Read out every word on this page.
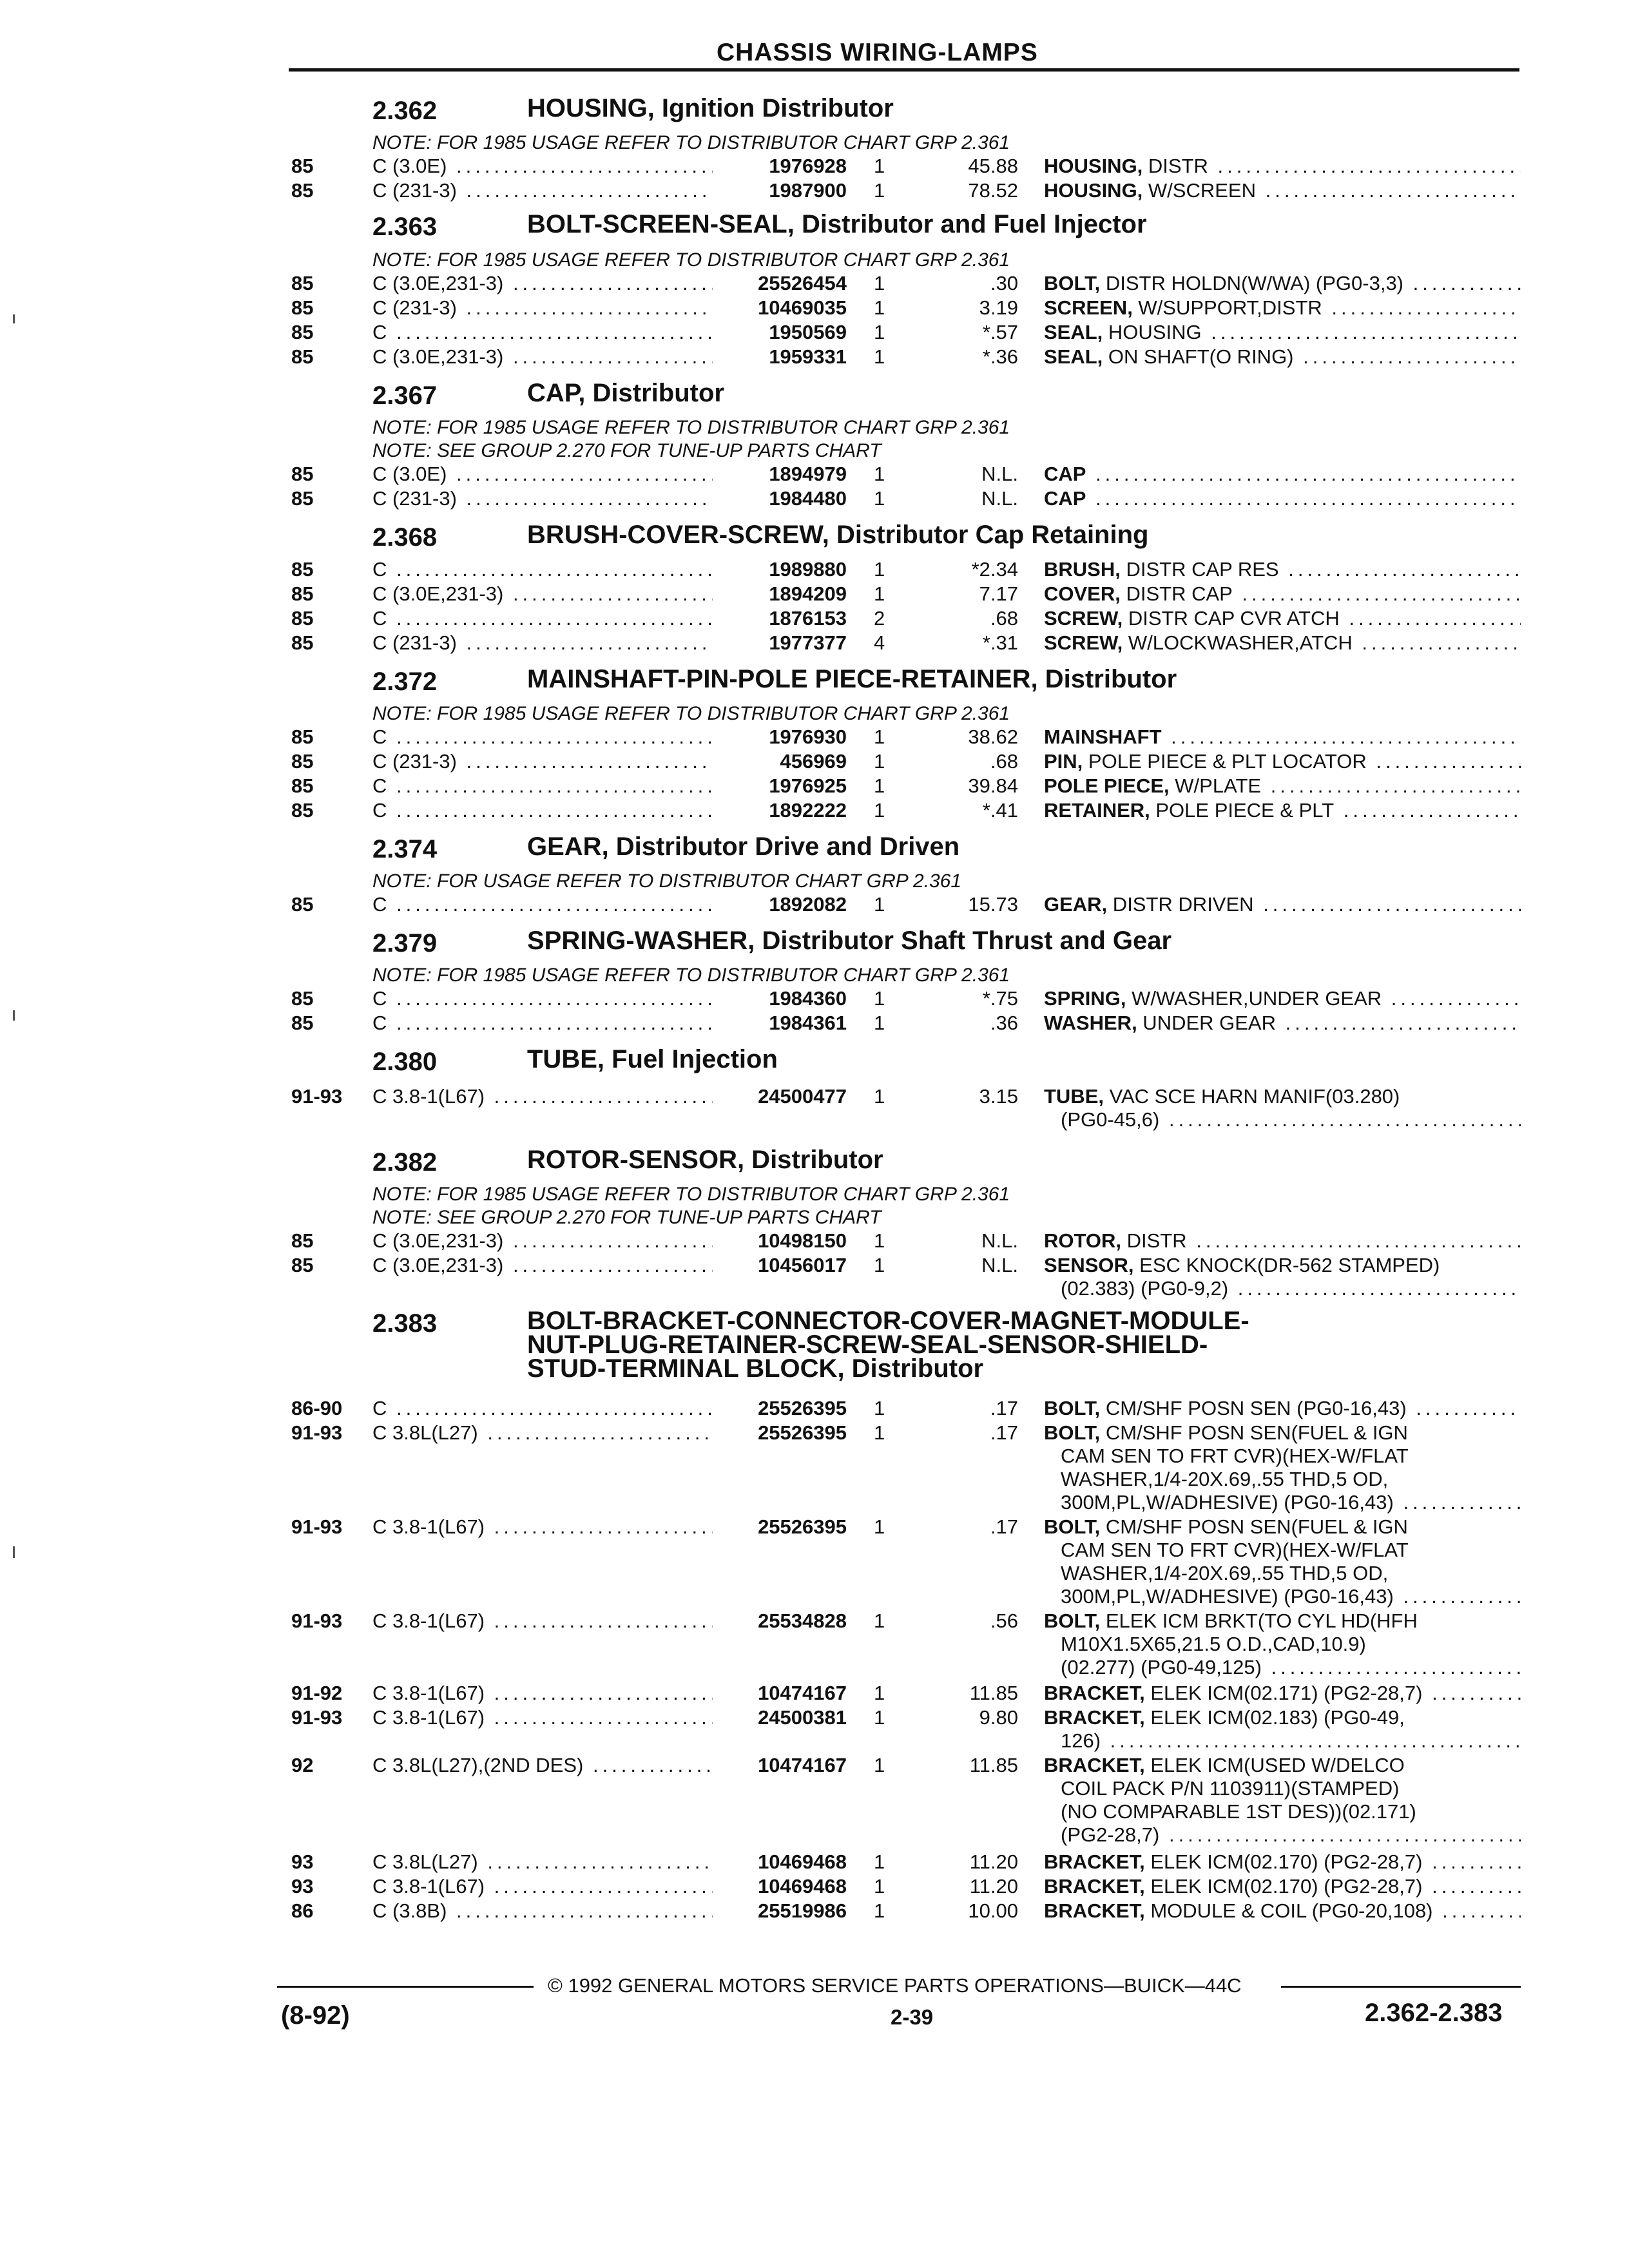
CHASSIS WIRING-LAMPS
2.362	HOUSING, Ignition Distributor
NOTE: FOR 1985 USAGE REFER TO DISTRIBUTOR CHART GRP 2.361
85	C (3.0E) .....	1976928 1	45.88 HOUSING, DISTR .....
85	C (231-3) .....	1987900 1	78.52 HOUSING, W/SCREEN .....
2.363	BOLT-SCREEN-SEAL, Distributor and Fuel Injector
NOTE: FOR 1985 USAGE REFER TO DISTRIBUTOR CHART GRP 2.361
85	C (3.0E,231-3) .....	25526454 1	.30 BOLT, DISTR HOLDN(W/WA) (PG0-3,3) .....
85	C (231-3) .....	10469035 1	3.19 SCREEN, W/SUPPORT,DISTR .....
85	C .....	1950569 1	*.57 SEAL, HOUSING .....
85	C (3.0E,231-3) .....	1959331 1	*.36 SEAL, ON SHAFT(O RING) .....
2.367	CAP, Distributor
NOTE: FOR 1985 USAGE REFER TO DISTRIBUTOR CHART GRP 2.361
NOTE: SEE GROUP 2.270 FOR TUNE-UP PARTS CHART
85	C (3.0E) .....	1894979 1	N.L. CAP .....
85	C (231-3) .....	1984480 1	N.L. CAP .....
2.368	BRUSH-COVER-SCREW, Distributor Cap Retaining
85	C .....	1989880 1	*2.34 BRUSH, DISTR CAP RES .....
85	C (3.0E,231-3) .....	1894209 1	7.17 COVER, DISTR CAP .....
85	C .....	1876153 2	.68 SCREW, DISTR CAP CVR ATCH .....
85	C (231-3) .....	1977377 4	*.31 SCREW, W/LOCKWASHER,ATCH .....
2.372	MAINSHAFT-PIN-POLE PIECE-RETAINER, Distributor
NOTE: FOR 1985 USAGE REFER TO DISTRIBUTOR CHART GRP 2.361
85	C .....	1976930 1	38.62 MAINSHAFT .....
85	C (231-3) .....	456969 1	.68 PIN, POLE PIECE & PLT LOCATOR .....
85	C .....	1976925 1	39.84 POLE PIECE, W/PLATE .....
85	C .....	1892222 1	*.41 RETAINER, POLE PIECE & PLT .....
2.374	GEAR, Distributor Drive and Driven
NOTE: FOR USAGE REFER TO DISTRIBUTOR CHART GRP 2.361
85	C .....	1892082 1	15.73 GEAR, DISTR DRIVEN .....
2.379	SPRING-WASHER, Distributor Shaft Thrust and Gear
NOTE: FOR 1985 USAGE REFER TO DISTRIBUTOR CHART GRP 2.361
85	C .....	1984360 1	*.75 SPRING, W/WASHER,UNDER GEAR .....
85	C .....	1984361 1	.36 WASHER, UNDER GEAR .....
2.380	TUBE, Fuel Injection
91-93 C 3.8-1(L67) .....	24500477 1	3.15 TUBE, VAC SCE HARN MANIF(03.280)
(PG0-45,6) .....
2.382	ROTOR-SENSOR, Distributor
NOTE: FOR 1985 USAGE REFER TO DISTRIBUTOR CHART GRP 2.361
NOTE: SEE GROUP 2.270 FOR TUNE-UP PARTS CHART
85	C (3.0E,231-3) .....	10498150 1	N.L. ROTOR, DISTR .....
85	C (3.0E,231-3) .....	10456017 1	N.L. SENSOR, ESC KNOCK(DR-562 STAMPED)
(02.383) (PG0-9,2) .....
2.383	BOLT-BRACKET-CONNECTOR-COVER-MAGNET-MODULE-
NUT-PLUG-RETAINER-SCREW-SEAL-SENSOR-SHIELD-
STUD-TERMINAL BLOCK, Distributor
86-90 C .....	25526395 1	.17 BOLT, CM/SHF POSN SEN (PG0-16,43) .....
91-93 C 3.8L(L27) .....	25526395 1	.17 BOLT, CM/SHF POSN SEN(FUEL & IGN
CAM SEN TO FRT CVR)(HEX-W/FLAT
WASHER,1/4-20X.69,.55 THD,5 OD,
300M,PL,W/ADHESIVE) (PG0-16,43) .....
91-93 C 3.8-1(L67) .....	25526395 1	.17 BOLT, CM/SHF POSN SEN(FUEL & IGN
CAM SEN TO FRT CVR)(HEX-W/FLAT
WASHER,1/4-20X.69,.55 THD,5 OD,
300M,PL,W/ADHESIVE) (PG0-16,43) .....
91-93 C 3.8-1(L67) .....	25534828 1	.56 BOLT, ELEK ICM BRKT(TO CYL HD(HFH
M10X1.5X65,21.5 O.D.,CAD,10.9)
(02.277) (PG0-49,125) .....
91-92 C 3.8-1(L67) .....	10474167 1	11.85 BRACKET, ELEK ICM(02.171) (PG2-28,7) .....
91-93 C 3.8-1(L67) .....	24500381 1	9.80 BRACKET, ELEK ICM(02.183) (PG0-49,
126) .....
92	C 3.8L(L27),(2ND DES) .....	10474167 1	11.85 BRACKET, ELEK ICM(USED W/DELCO
COIL PACK P/N 1103911)(STAMPED)
(NO COMPARABLE 1ST DES))(02.171)
(PG2-28,7) .....
93	C 3.8L(L27) .....	10469468 1	11.20 BRACKET, ELEK ICM(02.170) (PG2-28,7) .....
93	C 3.8-1(L67) .....	10469468 1	11.20 BRACKET, ELEK ICM(02.170) (PG2-28,7) .....
86	C (3.8B) .....	25519986 1	10.00 BRACKET, MODULE & COIL (PG0-20,108) .....
© 1992 GENERAL MOTORS SERVICE PARTS OPERATIONS—BUICK—44C
(8-92)	2-39	2.362-2.383
